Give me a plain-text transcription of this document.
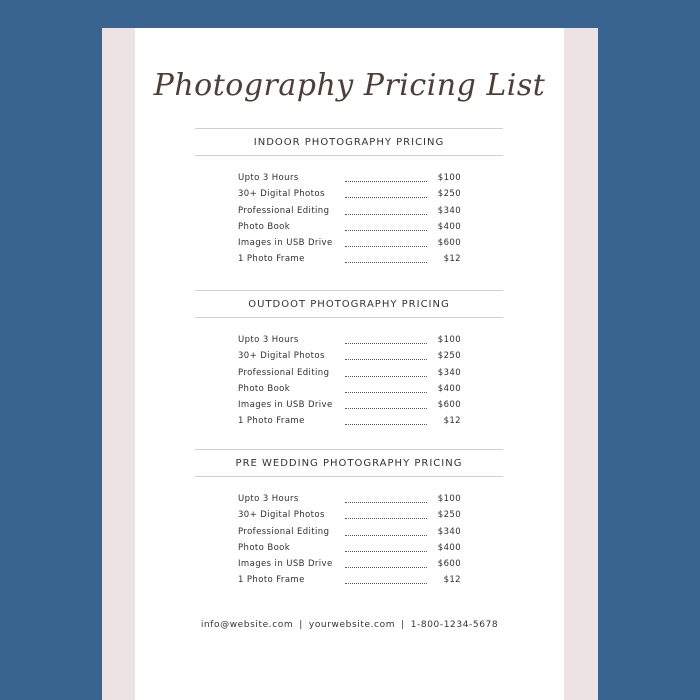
Photography Pricing List
INDOOR PHOTOGRAPHY PRICING
Upto 3 Hours	$100
30+ Digital Photos	$250
Professional Editing	$340
Photo Book	$400
Images in USB Drive	$600
1 Photo Frame	$12
OUTDOOT PHOTOGRAPHY PRICING
Upto 3 Hours	$100
30+ Digital Photos	$250
Professional Editing	$340
Photo Book	$400
Images in USB Drive	$600
1 Photo Frame	$12
PRE WEDDING PHOTOGRAPHY PRICING
Upto 3 Hours	$100
30+ Digital Photos	$250
Professional Editing	$340
Photo Book	$400
Images in USB Drive	$600
1 Photo Frame	$12
info@website.com | yourwebsite.com | 1-800-1234-5678
